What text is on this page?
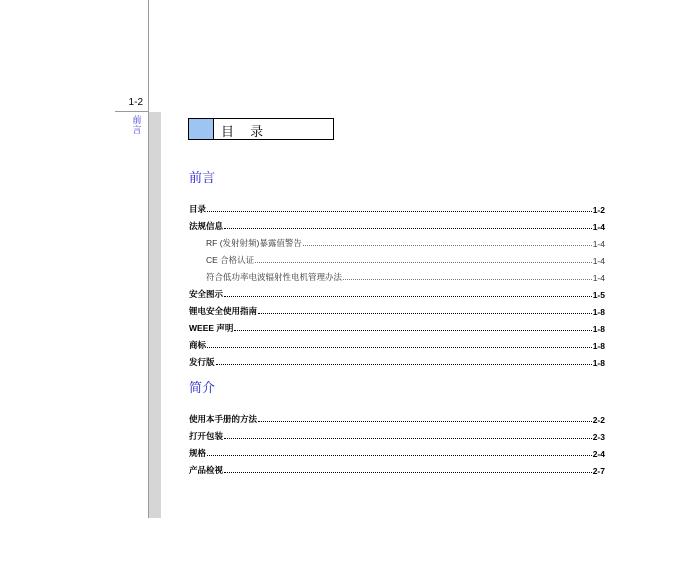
1-2
前言	目 录
前言
目录	1-2
法规信息	1-4
RF (发射射频)暴露值警告	1-4
CE 合格认证	1-4
符合低功率电波辐射性电机管理办法	1-4
安全图示	1-5
锂电安全使用指南	1-8
WEEE 声明	1-8
商标	1-8
发行版	1-8
简介
使用本手册的方法	2-2
打开包装	2-3
规格	2-4
产品检视	2-7
